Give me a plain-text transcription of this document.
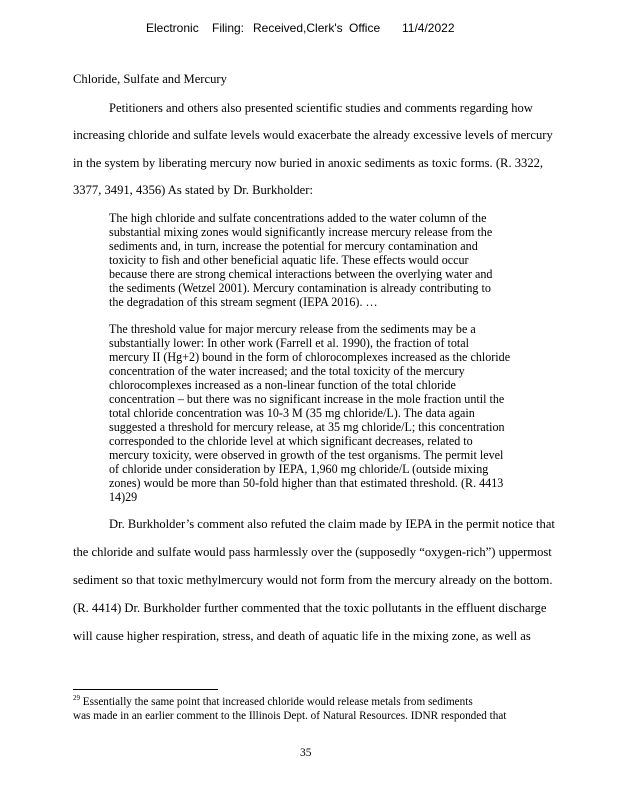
Electronic Filing: Received,Clerk's Office 11/4/2022
Chloride, Sulfate and Mercury
Petitioners and others also presented scientific studies and comments regarding how
increasing chloride and sulfate levels would exacerbate the already excessive levels of mercury
in the system by liberating mercury now buried in anoxic sediments as toxic forms. (R. 3322,
3377, 3491, 4356) As stated by Dr. Burkholder:
The high chloride and sulfate concentrations added to the water column of the
substantial mixing zones would significantly increase mercury release from the
sediments and, in turn, increase the potential for mercury contamination and
toxicity to fish and other beneficial aquatic life. These effects would occur
because there are strong chemical interactions between the overlying water and
the sediments (Wetzel 2001). Mercury contamination is already contributing to
the degradation of this stream segment (IEPA 2016). …
The threshold value for major mercury release from the sediments may be a
substantially lower: In other work (Farrell et al. 1990), the fraction of total
mercury II (Hg+2) bound in the form of chlorocomplexes increased as the chloride
concentration of the water increased; and the total toxicity of the mercury
chlorocomplexes increased as a non-linear function of the total chloride
concentration – but there was no significant increase in the mole fraction until the
total chloride concentration was 10-3 M (35 mg chloride/L). The data again
suggested a threshold for mercury release, at 35 mg chloride/L; this concentration
corresponded to the chloride level at which significant decreases, related to
mercury toxicity, were observed in growth of the test organisms. The permit level
of chloride under consideration by IEPA, 1,960 mg chloride/L (outside mixing
zones) would be more than 50-fold higher than that estimated threshold. (R. 4413
14)29
Dr. Burkholder’s comment also refuted the claim made by IEPA in the permit notice that
the chloride and sulfate would pass harmlessly over the (supposedly “oxygen-rich”) uppermost
sediment so that toxic methylmercury would not form from the mercury already on the bottom.
(R. 4414) Dr. Burkholder further commented that the toxic pollutants in the effluent discharge
will cause higher respiration, stress, and death of aquatic life in the mixing zone, as well as
$^{29}$ Essentially the same point that increased chloride would release metals from sediments
was made in an earlier comment to the Illinois Dept. of Natural Resources. IDNR responded that
35
